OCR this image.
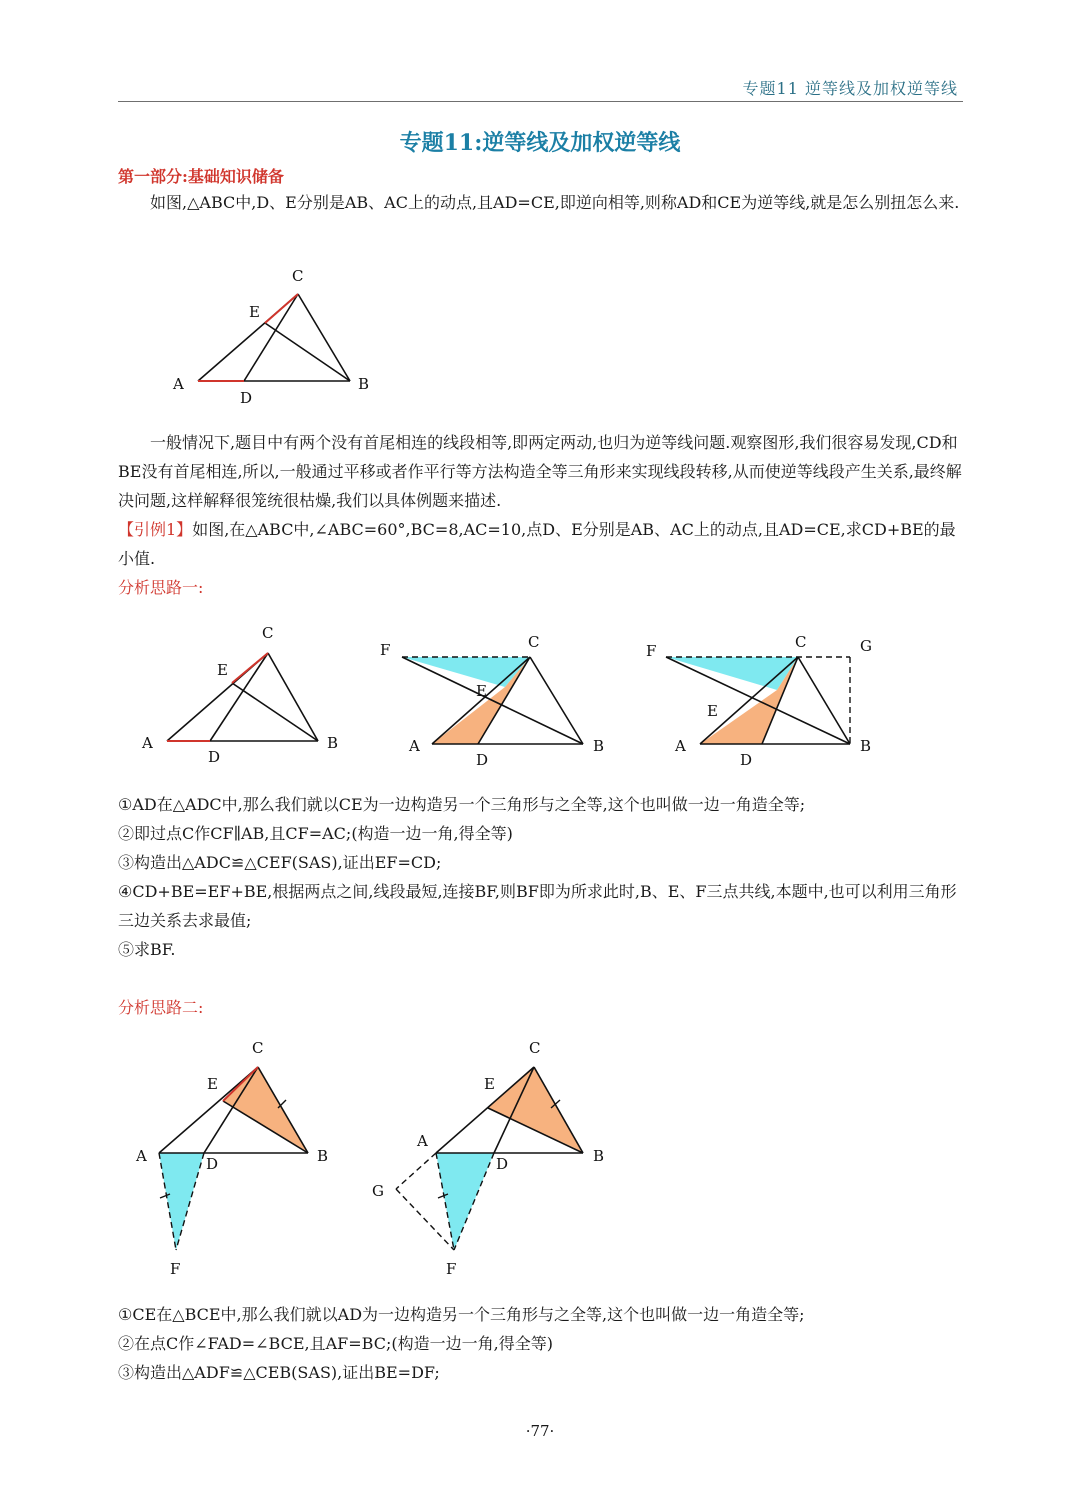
专题11 逆等线及加权逆等线
专题11:逆等线及加权逆等线
第一部分:基础知识储备

如图,△ABC中,D、E分别是AB、AC上的动点,且AD=CE,即逆向相等,则称AD和CE为逆等线,就是怎么别扭怎么来.

C
E
A	B
D

一般情况下,题目中有两个没有首尾相连的线段相等,即两定两动,也归为逆等线问题.观察图形,我们很容易发现,CD和BE没有首尾相连,所以,一般通过平移或者作平行等方法构造全等三角形来实现线段转移,从而使逆等线段产生关系,最终解决问题,这样解释很笼统很枯燥,我们以具体例题来描述.

【引例1】如图,在△ABC中,∠ABC=60°,BC=8,AC=10,点D、E分别是AB、AC上的动点,且AD=CE,求CD+BE的最小值.

分析思路一:
C
E
A	B
D
C
F
E
A	B
D
C	G
F
E
A	B
D
①AD在△ADC中,那么我们就以CE为一边构造另一个三角形与之全等,这个也叫做一边一角造全等;
②即过点C作CF∥AB,且CF=AC;(构造一边一角,得全等)
③构造出△ADC≌△CEF(SAS),证出EF=CD;
④CD+BE=EF+BE,根据两点之间,线段最短,连接BF,则BF即为所求此时,B、E、F三点共线,本题中,也可以利用三角形三边关系去求最值;
⑤求BF.
分析思路二:
C
E
A	B
D
F
C
E
A
B
D
G
F
①CE在△BCE中,那么我们就以AD为一边构造另一个三角形与之全等,这个也叫做一边一角造全等;
②在点C作∠FAD=∠BCE,且AF=BC;(构造一边一角,得全等)
③构造出△ADF≌△CEB(SAS),证出BE=DF;
·77·
